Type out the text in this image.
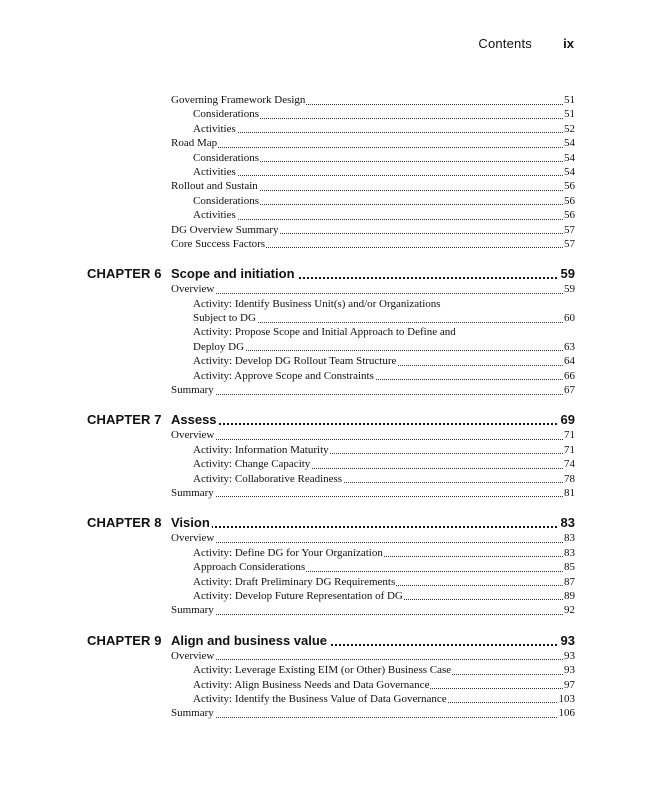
Contents ix
Governing Framework Design	51
Considerations	51
Activities	52
Road Map	54
Considerations	54
Activities	54
Rollout and Sustain	56
Considerations	56
Activities	56
DG Overview Summary	57
Core Success Factors	57
CHAPTER 6 Scope and initiation	59
Overview	59
Activity: Identify Business Unit(s) and/or Organizations
Subject to DG	60
Activity: Propose Scope and Initial Approach to Define and
Deploy DG	63
Activity: Develop DG Rollout Team Structure	64
Activity: Approve Scope and Constraints	66
Summary	67
CHAPTER 7 Assess	69
Overview	71
Activity: Information Maturity	71
Activity: Change Capacity	74
Activity: Collaborative Readiness	78
Summary	81
CHAPTER 8 Vision	83
Overview	83
Activity: Define DG for Your Organization	83
Approach Considerations	85
Activity: Draft Preliminary DG Requirements	87
Activity: Develop Future Representation of DG	89
Summary	92
CHAPTER 9 Align and business value	93
Overview	93
Activity: Leverage Existing EIM (or Other) Business Case	93
Activity: Align Business Needs and Data Governance	97
Activity: Identify the Business Value of Data Governance	103
Summary	106
